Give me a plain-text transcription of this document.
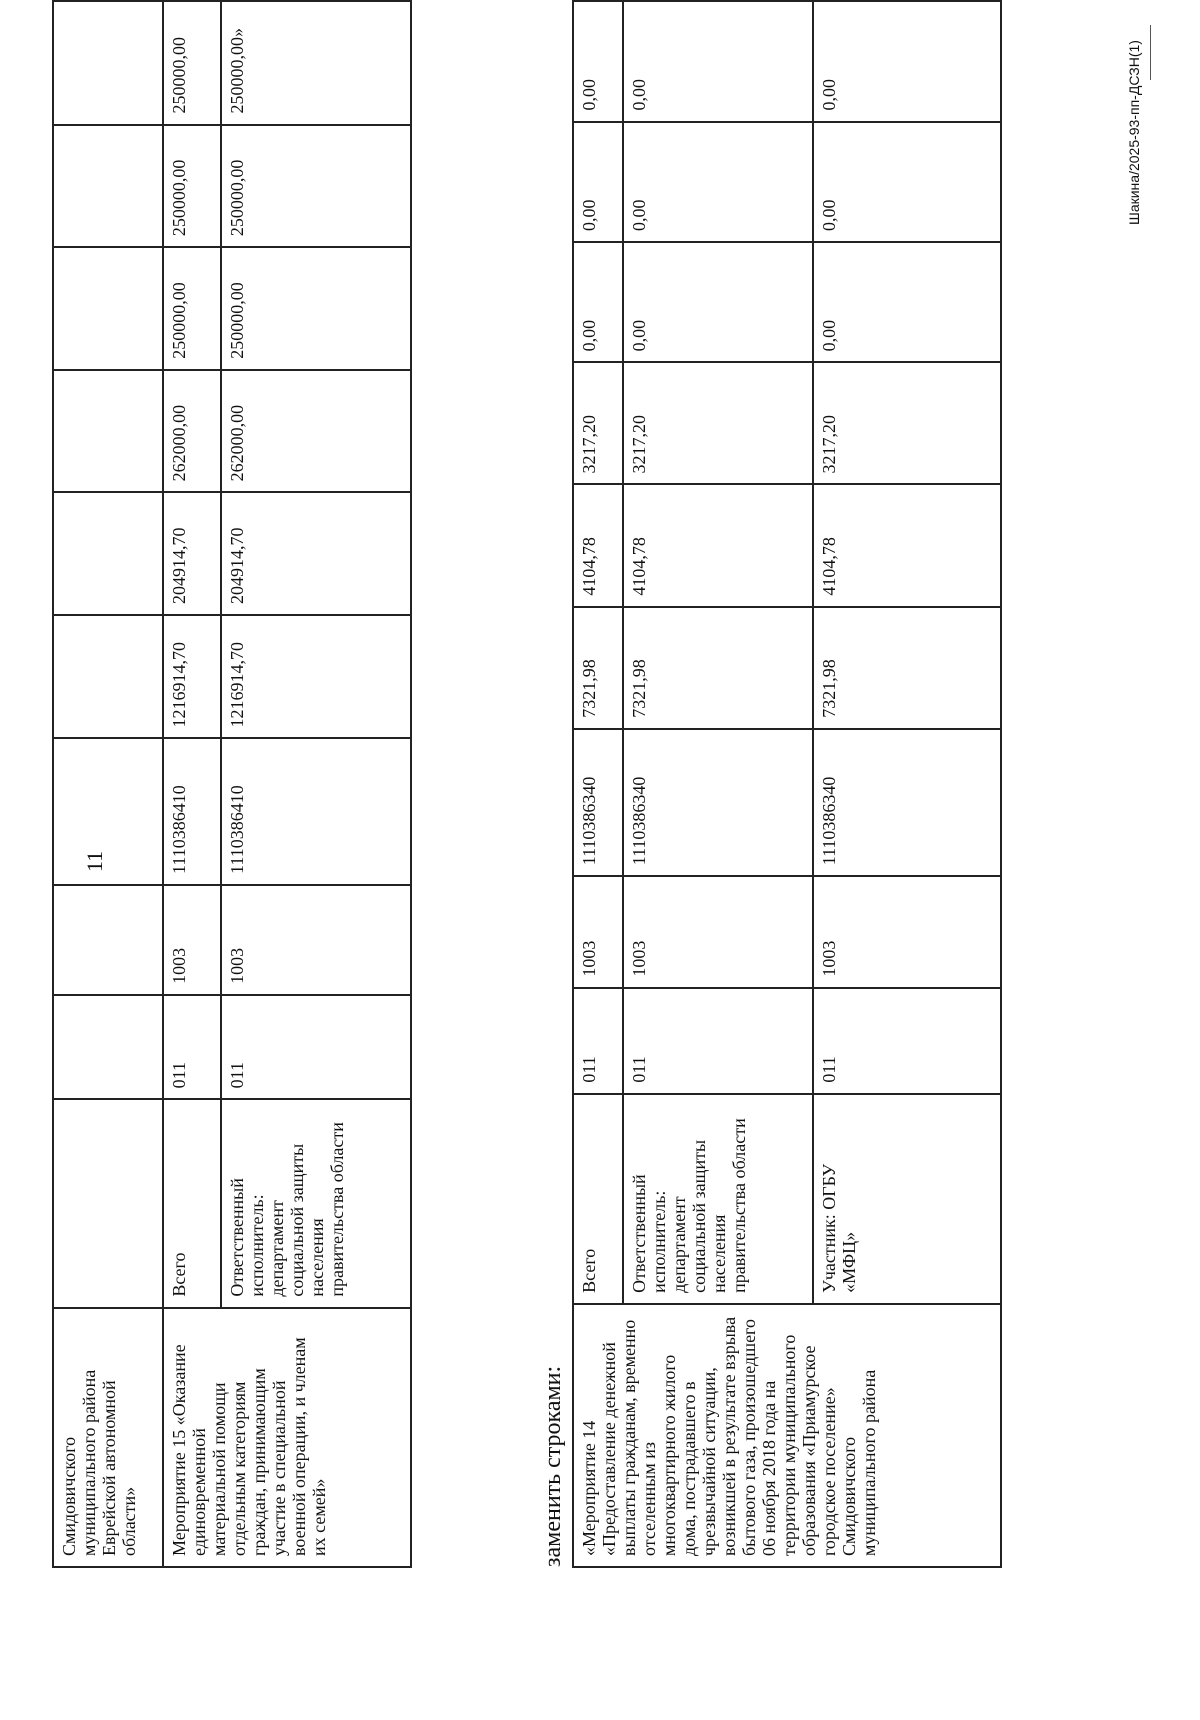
11
Смидовичского муниципального района Еврейской автономной области»										
Мероприятие 15 «Оказание единовременной материальной помощи отдельным категориям граждан, принимающим участие в специальной военной операции, и членам их семей»	Всего	011	1003	1110386410	1216914,70	204914,70	262000,00	250000,00	250000,00	250000,00
	Ответственный исполнитель: департамент социальной защиты населения правительства области	011	1003	1110386410	1216914,70	204914,70	262000,00	250000,00	250000,00	250000,00»
заменить строками: «Мероприятие 14 «Предоставление денежной выплаты гражданам, временно отселенным из многоквартирного жилого дома, пострадавшего в чрезвычайной ситуации, возникшей в результате взрыва бытового газа, произошедшего 06 ноября 2018 года на территории муниципального образования «Приамурское городское поселение» Смидовичского муниципального района	Всего	011	1003	1110386340	7321,98	4104,78	3217,20	0,00	0,00	0,00
	Ответственный исполнитель: департамент социальной защиты населения правительства области	011	1003	1110386340	7321,98	4104,78	3217,20	0,00	0,00	0,00
	Участник: ОГБУ «МФЦ»	011	1003	1110386340	7321,98	4104,78	3217,20	0,00	0,00	0,00	Шакина/2025-93-пп-ДСЗН(1)
